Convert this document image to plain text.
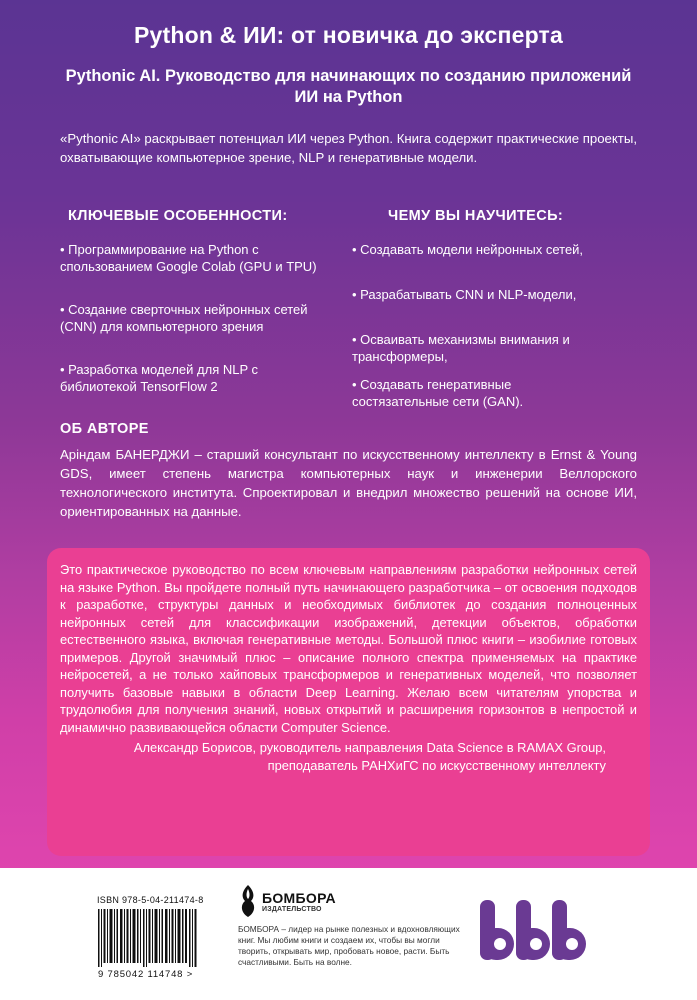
Python & ИИ: от новичка до эксперта
Pythonic AI. Руководство для начинающих по созданию приложений ИИ на Python
«Pythonic AI» раскрывает потенциал ИИ через Python. Книга содержит практические проекты, охватывающие компьютерное зрение, NLP и генеративные модели.
КЛЮЧЕВЫЕ ОСОБЕННОСТИ:
• Программирование на Python с спользованием Google Colab (GPU и TPU)
• Создание сверточных нейронных сетей (CNN) для компьютерного зрения
• Разработка моделей для NLP с библиотекой TensorFlow 2
ЧЕМУ ВЫ НАУЧИТЕСЬ:
• Создавать модели нейронных сетей,
• Разрабатывать CNN и NLP-модели,
• Осваивать механизмы внимания и трансформеры,
• Создавать генеративные состязательные сети (GAN).
ОБ АВТОРЕ
Аріндам БАНЕРДЖИ – старший консультант по искусственному интеллекту в Ernst & Young GDS, имеет степень магистра компьютерных наук и инженерии Веллорского технологического института. Спроектировал и внедрил множество решений на основе ИИ, ориентированных на данные.
Это практическое руководство по всем ключевым направлениям разработки нейронных сетей на языке Python. Вы пройдете полный путь начинающего разработчика – от освоения подходов к разработке, структуры данных и необходимых библиотек до создания полноценных нейронных сетей для классификации изображений, детекции объектов, обработки естественного языка, включая генеративные методы. Большой плюс книги – изобилие готовых примеров. Другой значимый плюс – описание полного спектра применяемых на практике нейросетей, а не только хайповых трансформеров и генеративных моделей, что позволяет получить базовые навыки в области Deep Learning. Желаю всем читателям упорства и трудолюбия для получения знаний, новых открытий и расширения горизонтов в непростой и динамично развивающейся области Computer Science.
Александр Борисов, руководитель направления Data Science в RAMAX Group, преподаватель РАНХиГС по искусственному интеллекту
ISBN 978-5-04-211474-8
9 785042 114748 >
БОМБОРА
ИЗДАТЕЛЬСТВО
БОМБОРА – лидер на рынке полезных и вдохновляющих книг. Мы любим книги и создаем их, чтобы вы могли творить, открывать мир, пробовать новое, расти. Быть счастливыми. Быть на волне.
